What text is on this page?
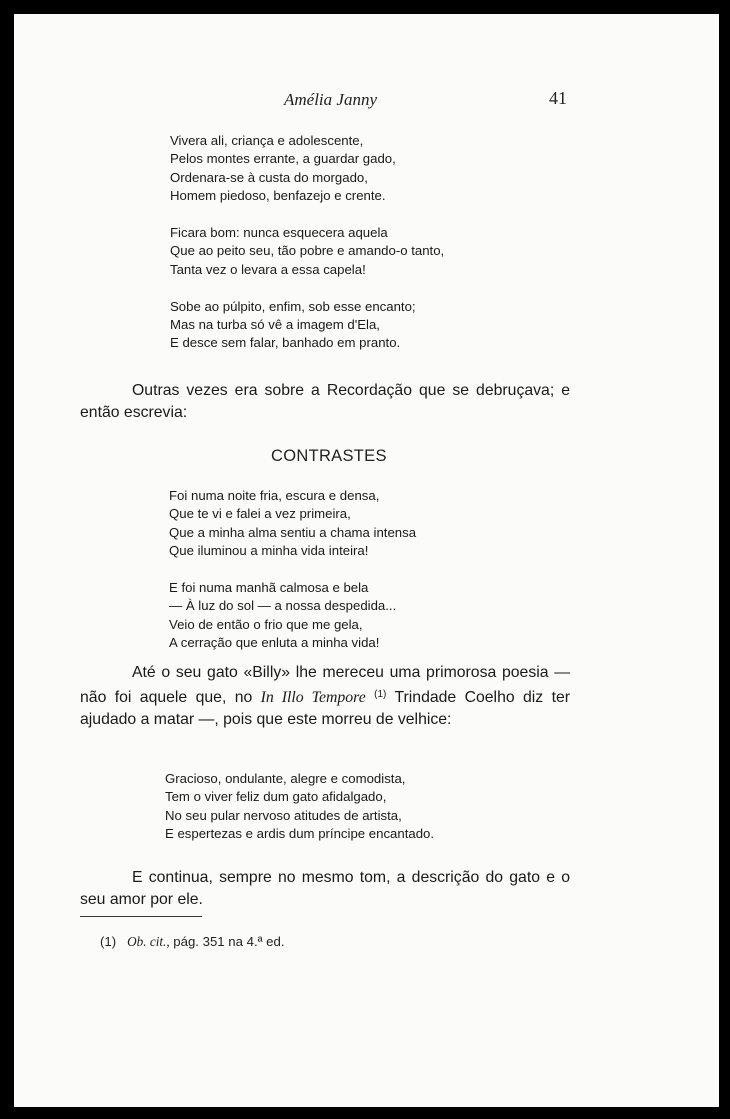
Amélia Janny	41
Vivera ali, criança e adolescente,
Pelos montes errante, a guardar gado,
Ordenara-se à custa do morgado,
Homem piedoso, benfazejo e crente.
Ficara bom: nunca esquecera aquela
Que ao peito seu, tão pobre e amando-o tanto,
Tanta vez o levara a essa capela!
Sobe ao púlpito, enfim, sob esse encanto;
Mas na turba só vê a imagem d'Ela,
E desce sem falar, banhado em pranto.

Outras vezes era sobre a Recordação que se debruçava; e então escrevia:

CONTRASTES
Foi numa noite fria, escura e densa,
Que te vi e falei a vez primeira,
Que a minha alma sentiu a chama intensa
Que iluminou a minha vida inteira!
E foi numa manhã calmosa e bela
— À luz do sol — a nossa despedida...
Veio de então o frio que me gela,
A cerração que enluta a minha vida!

Até o seu gato «Billy» lhe mereceu uma primorosa poesia — não foi aquele que, no In Illo Tempore $^{(1)}$ Trindade Coelho diz ter ajudado a matar —, pois que este morreu de velhice:

Gracioso, ondulante, alegre e comodista,
Tem o viver feliz dum gato afidalgado,
No seu pular nervoso atitudes de artista,
E espertezas e ardis dum príncipe encantado.

E continua, sempre no mesmo tom, a descrição do gato e o seu amor por ele.

(1) Ob. cit., pág. 351 na 4.ª ed.
